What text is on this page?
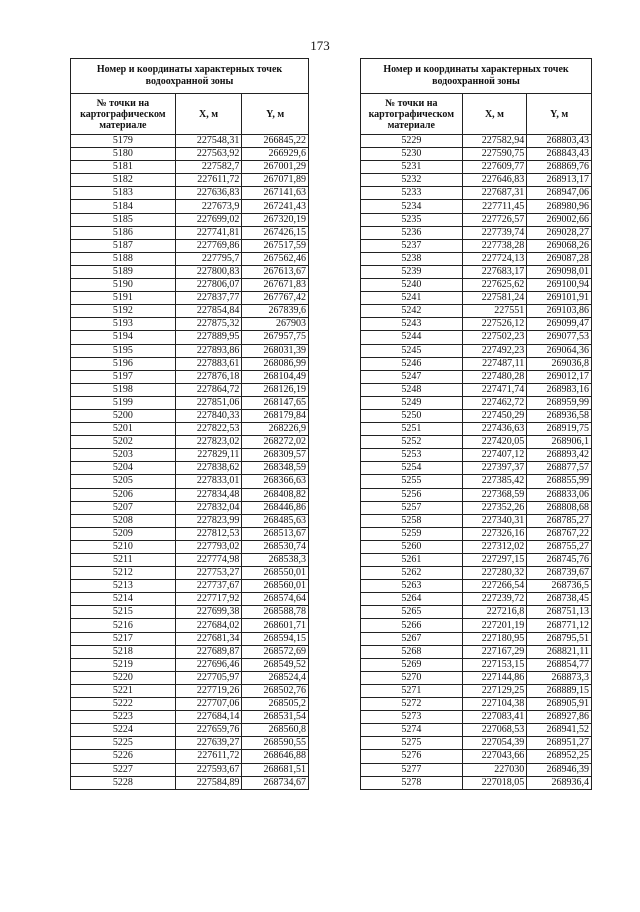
173
Номер и координаты характерных точек водоохранной зоны		
№ точки на картографическом материале	X, м	Y, м
5179	227548,31	266845,22
5180	227563,92	266929,6
5181	227582,7	267001,29
5182	227611,72	267071,89
5183	227636,83	267141,63
5184	227673,9	267241,43
5185	227699,02	267320,19
5186	227741,81	267426,15
5187	227769,86	267517,59
5188	227795,7	267562,46
5189	227800,83	267613,67
5190	227806,07	267671,83
5191	227837,77	267767,42
5192	227854,84	267839,6
5193	227875,32	267903
5194	227889,95	267957,75
5195	227893,86	268031,39
5196	227883,61	268086,99
5197	227876,18	268104,49
5198	227864,72	268126,19
5199	227851,06	268147,65
5200	227840,33	268179,84
5201	227822,53	268226,9
5202	227823,02	268272,02
5203	227829,11	268309,57
5204	227838,62	268348,59
5205	227833,01	268366,63
5206	227834,48	268408,82
5207	227832,04	268446,86
5208	227823,99	268485,63
5209	227812,53	268513,67
5210	227793,02	268530,74
5211	227774,98	268538,3
5212	227753,27	268550,01
5213	227737,67	268560,01
5214	227717,92	268574,64
5215	227699,38	268588,78
5216	227684,02	268601,71
5217	227681,34	268594,15
5218	227689,87	268572,69
5219	227696,46	268549,52
5220	227705,97	268524,4
5221	227719,26	268502,76
5222	227707,06	268505,2
5223	227684,14	268531,54
5224	227659,76	268560,8
5225	227639,27	268590,55
5226	227611,72	268646,88
5227	227593,67	268681,51
5228	227584,89	268734,67
Номер и координаты характерных точек водоохранной зоны		
№ точки на картографическом материале	X, м	Y, м
5229	227582,94	268803,43
5230	227590,75	268843,43
5231	227609,77	268869,76
5232	227646,83	268913,17
5233	227687,31	268947,06
5234	227711,45	268980,96
5235	227726,57	269002,66
5236	227739,74	269028,27
5237	227738,28	269068,26
5238	227724,13	269087,28
5239	227683,17	269098,01
5240	227625,62	269100,94
5241	227581,24	269101,91
5242	227551	269103,86
5243	227526,12	269099,47
5244	227502,23	269077,53
5245	227492,23	269064,36
5246	227487,11	269036,8
5247	227480,28	269012,17
5248	227471,74	268983,16
5249	227462,72	268959,99
5250	227450,29	268936,58
5251	227436,63	268919,75
5252	227420,05	268906,1
5253	227407,12	268893,42
5254	227397,37	268877,57
5255	227385,42	268855,99
5256	227368,59	268833,06
5257	227352,26	268808,68
5258	227340,31	268785,27
5259	227326,16	268767,22
5260	227312,02	268755,27
5261	227297,15	268745,76
5262	227280,32	268739,67
5263	227266,54	268736,5
5264	227239,72	268738,45
5265	227216,8	268751,13
5266	227201,19	268771,12
5267	227180,95	268795,51
5268	227167,29	268821,11
5269	227153,15	268854,77
5270	227144,86	268873,3
5271	227129,25	268889,15
5272	227104,38	268905,91
5273	227083,41	268927,86
5274	227068,53	268941,52
5275	227054,39	268951,27
5276	227043,66	268952,25
5277	227030	268946,39
5278	227018,05	268936,4
